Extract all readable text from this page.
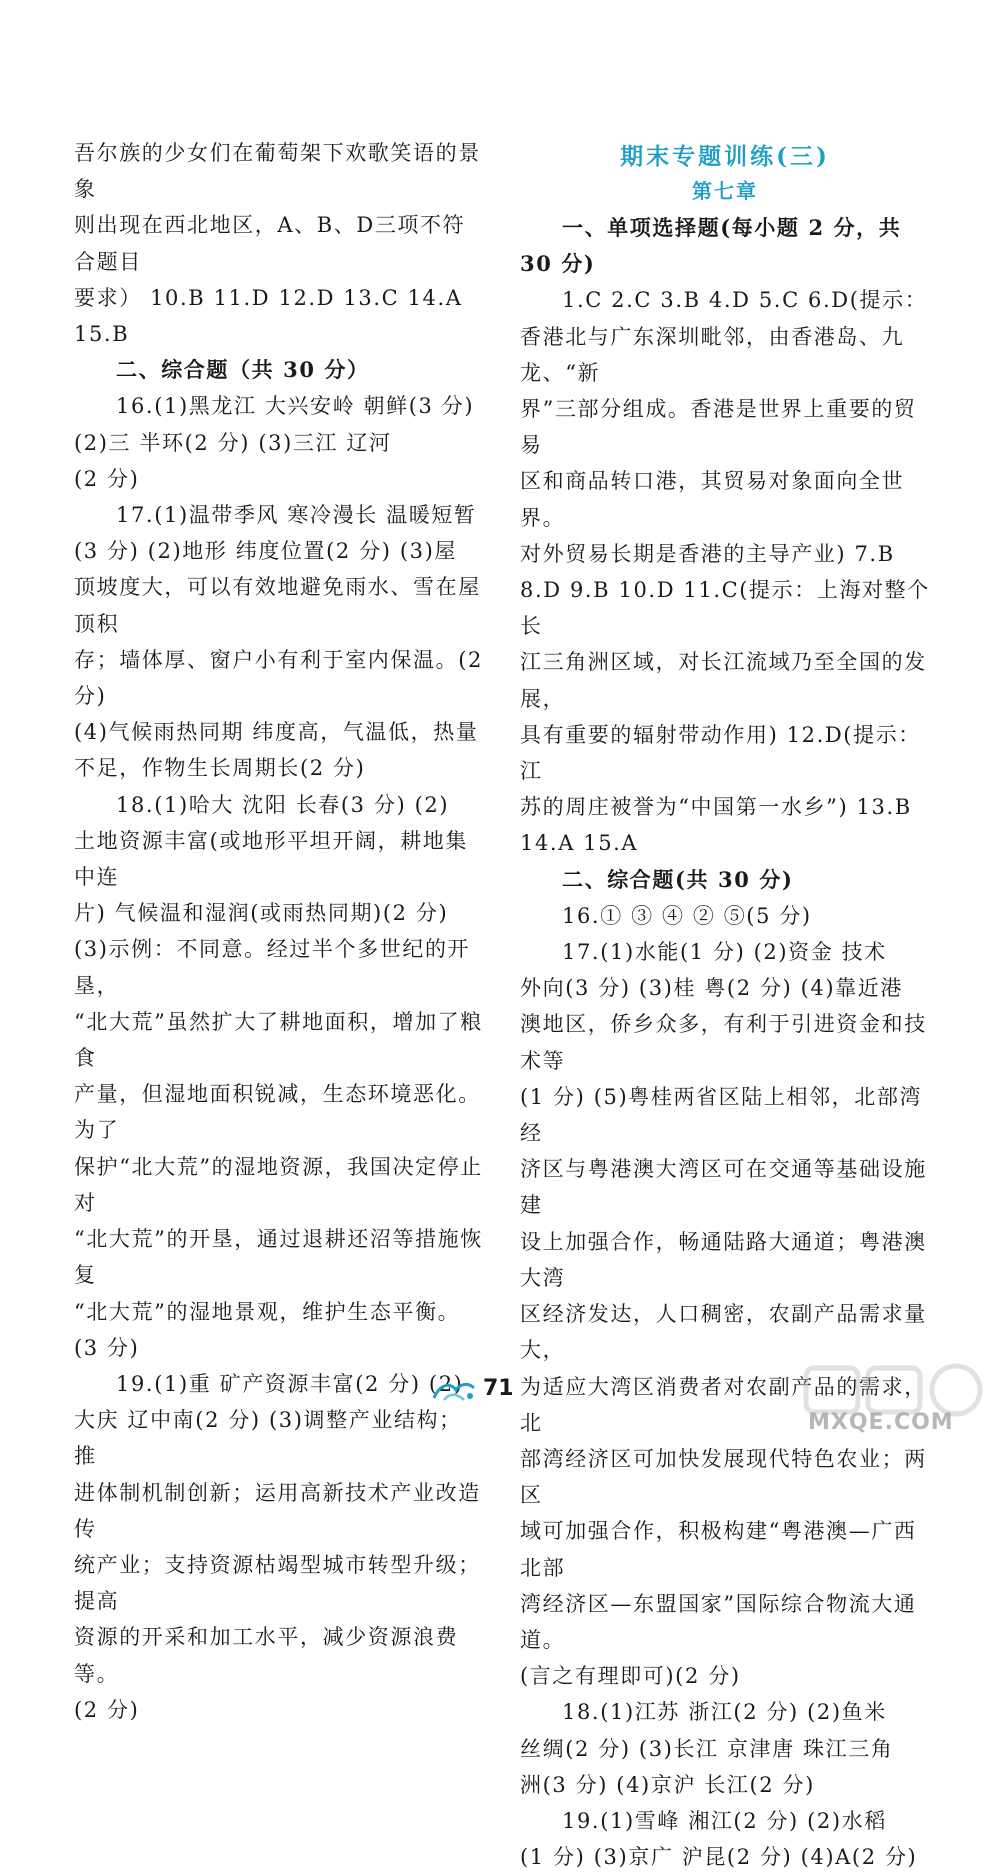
吾尔族的少女们在葡萄架下欢歌笑语的景象

则出现在西北地区，A、B、D三项不符合题目

要求） 10.B 11.D 12.D 13.C 14.A

15.B

二、综合题（共 30 分）

16.(1)黑龙江 大兴安岭 朝鲜(3 分)

(2)三 半环(2 分) (3)三江 辽河

(2 分)

17.(1)温带季风 寒冷漫长 温暖短暂

(3 分) (2)地形 纬度位置(2 分) (3)屋

顶坡度大，可以有效地避免雨水、雪在屋顶积

存；墙体厚、窗户小有利于室内保温。(2 分)

(4)气候雨热同期 纬度高，气温低，热量

不足，作物生长周期长(2 分)

18.(1)哈大 沈阳 长春(3 分) (2)

土地资源丰富(或地形平坦开阔，耕地集中连

片) 气候温和湿润(或雨热同期)(2 分)

(3)示例：不同意。经过半个多世纪的开垦，

“北大荒”虽然扩大了耕地面积，增加了粮食

产量，但湿地面积锐减，生态环境恶化。为了

保护“北大荒”的湿地资源，我国决定停止对

“北大荒”的开垦，通过退耕还沼等措施恢复

“北大荒”的湿地景观，维护生态平衡。

(3 分)

19.(1)重 矿产资源丰富(2 分) (2)

大庆 辽中南(2 分) (3)调整产业结构；推

进体制机制创新；运用高新技术产业改造传

统产业；支持资源枯竭型城市转型升级；提高

资源的开采和加工水平，减少资源浪费等。

(2 分)

期末专题训练(三)

第七章

一、单项选择题(每小题 2 分，共 30 分)

1.C 2.C 3.B 4.D 5.C 6.D(提示：

香港北与广东深圳毗邻，由香港岛、九龙、“新

界”三部分组成。香港是世界上重要的贸易

区和商品转口港，其贸易对象面向全世界。

对外贸易长期是香港的主导产业) 7.B

8.D 9.B 10.D 11.C(提示：上海对整个长

江三角洲区域，对长江流域乃至全国的发展，

具有重要的辐射带动作用) 12.D(提示：江

苏的周庄被誉为“中国第一水乡”) 13.B

14.A 15.A

二、综合题(共 30 分)

16.① ③ ④ ② ⑤(5 分)

17.(1)水能(1 分) (2)资金 技术

外向(3 分) (3)桂 粤(2 分) (4)靠近港

澳地区，侨乡众多，有利于引进资金和技术等

(1 分) (5)粤桂两省区陆上相邻，北部湾经

济区与粤港澳大湾区可在交通等基础设施建

设上加强合作，畅通陆路大通道；粤港澳大湾

区经济发达，人口稠密，农副产品需求量大，

为适应大湾区消费者对农副产品的需求，北

部湾经济区可加快发展现代特色农业；两区

域可加强合作，积极构建“粤港澳—广西北部

湾经济区—东盟国家”国际综合物流大通道。

(言之有理即可)(2 分)

18.(1)江苏 浙江(2 分) (2)鱼米

丝绸(2 分) (3)长江 京津唐 珠江三角

洲(3 分) (4)京沪 长江(2 分)

19.(1)雪峰 湘江(2 分) (2)水稻

(1 分) (3)京广 沪昆(2 分) (4)A(2 分)

71
MXQE.COM
